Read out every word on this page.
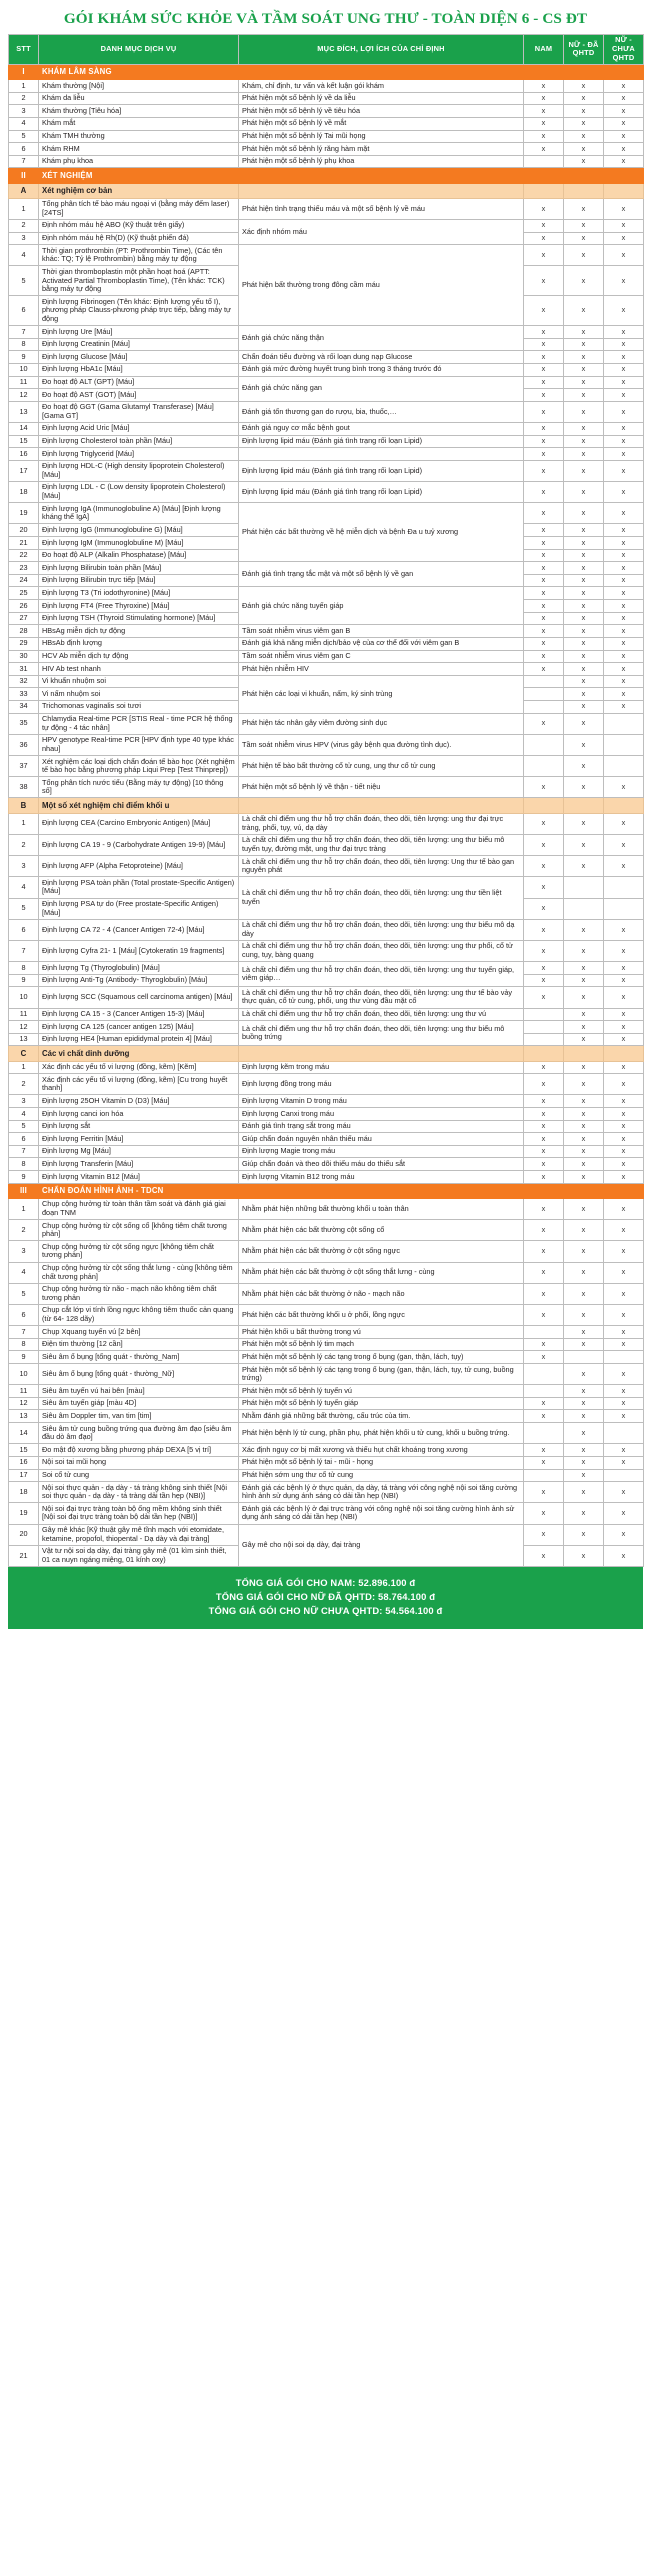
GÓI KHÁM SỨC KHỎE VÀ TẦM SOÁT UNG THƯ - TOÀN DIỆN 6 - CS ĐT
STT	DANH MỤC DỊCH VỤ	MỤC ĐÍCH, LỢI ÍCH CỦA CHỈ ĐỊNH	NAM	NỮ - ĐÃ QHTD	NỮ - CHƯA QHTD
I	KHÁM LÂM SÀNG				
1	Khám thường [Nội]	Khám, chỉ định, tư vấn và kết luận gói khám	x	x	x
2	Khám da liễu	Phát hiện một số bệnh lý về da liễu	x	x	x
3	Khám thường [Tiêu hóa]	Phát hiện một số bệnh lý về tiêu hóa	x	x	x
4	Khám mắt	Phát hiện một số bệnh lý về mắt	x	x	x
5	Khám TMH thường	Phát hiện một số bệnh lý Tai mũi họng	x	x	x
6	Khám RHM	Phát hiện một số bệnh lý răng hàm mặt	x	x	x
7	Khám phụ khoa	Phát hiện một số bệnh lý phụ khoa		x	x
II	XÉT NGHIỆM				
A	Xét nghiệm cơ bản				
1	Tổng phân tích tế bào máu ngoại vi (bằng máy đếm laser) [24TS]	Phát hiện tình trạng thiếu máu và một số bệnh lý về máu	x	x	x
2	Định nhóm máu hệ ABO (Kỹ thuật trên giấy)	Xác định nhóm máu	x	x	x
3	Định nhóm máu hệ Rh(D) (Kỹ thuật phiến đá)		x	x	x
4	Thời gian prothrombin (PT: Prothrombin Time), (Các tên khác: TQ; Tỷ lệ Prothrombin) bằng máy tự động	Phát hiện bất thường trong đông cầm máu	x	x	x
5	Thời gian thromboplastin một phần hoạt hoá (APTT: Activated Partial Thromboplastin Time), (Tên khác: TCK) bằng máy tự động		x	x	x
6	Định lượng Fibrinogen (Tên khác: Định lượng yếu tố I), phương pháp Clauss-phương pháp trực tiếp, bằng máy tự động		x	x	x
7	Định lượng Ure [Máu]	Đánh giá chức năng thận	x	x	x
8	Định lượng Creatinin [Máu]		x	x	x
9	Định lượng Glucose [Máu]	Chẩn đoán tiểu đường và rối loạn dung nạp Glucose	x	x	x
10	Định lượng HbA1c [Máu]	Đánh giá mức đường huyết trung bình trong 3 tháng trước đó	x	x	x
11	Đo hoạt độ ALT (GPT) [Máu]	Đánh giá chức năng gan	x	x	x
12	Đo hoạt độ AST (GOT) [Máu]		x	x	x
13	Đo hoạt độ GGT (Gama Glutamyl Transferase) [Máu] [Gama GT]	Đánh giá tổn thương gan do rượu, bia, thuốc,…	x	x	x
14	Định lượng Acid Uric [Máu]	Đánh giá nguy cơ mắc bệnh gout	x	x	x
15	Định lượng Cholesterol toàn phần [Máu]	Định lượng lipid máu (Đánh giá tình trạng rối loạn Lipid)	x	x	x
16	Định lượng Triglycerid [Máu]		x	x	x
17	Định lượng HDL-C (High density lipoprotein Cholesterol) [Máu]	Định lượng lipid máu (Đánh giá tình trạng rối loạn Lipid)	x	x	x
18	Định lượng LDL - C (Low density lipoprotein Cholesterol) [Máu]	Định lượng lipid máu (Đánh giá tình trạng rối loạn Lipid)	x	x	x
19	Định lượng IgA (Immunoglobuline A) [Máu] [Định lượng kháng thể IgA]	Phát hiện các bất thường về hệ miễn dịch và bệnh Đa u tuỷ xương	x	x	x
20	Định lượng IgG (Immunoglobuline G) [Máu]		x	x	x
21	Định lượng IgM (Immunoglobuline M) [Máu]		x	x	x
22	Đo hoạt độ ALP (Alkalin Phosphatase) [Máu]		x	x	x
23	Định lượng Bilirubin toàn phần [Máu]	Đánh giá tình trạng tắc mật và một số bệnh lý về gan	x	x	x
24	Định lượng Bilirubin trực tiếp [Máu]		x	x	x
25	Định lượng T3 (Tri iodothyronine) [Máu]	Đánh giá chức năng tuyến giáp	x	x	x
26	Định lượng FT4 (Free Thyroxine) [Máu]		x	x	x
27	Định lượng TSH (Thyroid Stimulating hormone) [Máu]		x	x	x
28	HBsAg miễn dịch tự động	Tầm soát nhiễm virus viêm gan B	x	x	x
29	HBsAb định lượng	Đánh giá khả năng miễn dịch/bảo vệ của cơ thể đối với viêm gan B	x	x	x
30	HCV Ab miễn dịch tự động	Tầm soát nhiễm virus viêm gan C	x	x	x
31	HIV Ab test nhanh	Phát hiện nhiễm HIV	x	x	x
32	Vi khuẩn nhuộm soi	Phát hiện các loại vi khuẩn, nấm, ký sinh trùng		x	x
33	Vi nấm nhuộm soi			x	x
34	Trichomonas vaginalis soi tươi			x	x
35	Chlamydia Real-time PCR [STIS Real - time PCR hệ thống tự động - 4 tác nhân]	Phát hiện tác nhân gây viêm đường sinh dục	x	x	
36	HPV genotype Real-time PCR [HPV định type 40 type khác nhau]	Tầm soát nhiễm virus HPV (virus gây bệnh qua đường tình dục).		x	
37	Xét nghiệm các loại dịch chẩn đoán tế bào học (Xét nghiệm tế bào học bằng phương pháp Liqui Prep [Test Thinprep])	Phát hiện tế bào bất thường cổ tử cung, ung thư cổ tử cung		x	
38	Tổng phân tích nước tiểu (Bằng máy tự động) [10 thông số]	Phát hiện một số bệnh lý về thận - tiết niệu	x	x	x
B	Một số xét nghiệm chỉ điểm khối u				
1	Định lượng CEA (Carcino Embryonic Antigen) [Máu]	Là chất chỉ điểm ung thư hỗ trợ chẩn đoán, theo dõi, tiên lượng: ung thư đại trực tràng, phổi, tụy, vú, dạ dày	x	x	x
2	Định lượng CA 19 - 9 (Carbohydrate Antigen 19-9) [Máu]	Là chất chỉ điểm ung thư hỗ trợ chẩn đoán, theo dõi, tiên lượng: ung thư biểu mô tuyến tụy, đường mật, ung thư đại trực tràng	x	x	x
3	Định lượng AFP (Alpha Fetoproteine) [Máu]	Là chất chỉ điểm ung thư hỗ trợ chẩn đoán, theo dõi, tiên lượng: Ung thư tế bào gan nguyên phát	x	x	x
4	Định lượng PSA toàn phần (Total prostate-Specific Antigen) [Máu]	Là chất chỉ điểm ung thư hỗ trợ chẩn đoán, theo dõi, tiên lượng: ung thư tiền liệt tuyến	x		
5	Định lượng PSA tự do (Free prostate-Specific Antigen) [Máu]		x		
6	Định lượng CA 72 - 4 (Cancer Antigen 72-4) [Máu]	Là chất chỉ điểm ung thư hỗ trợ chẩn đoán, theo dõi, tiên lượng: ung thư biểu mô dạ dày	x	x	x
7	Định lượng Cyfra 21- 1 [Máu] [Cytokeratin 19 fragments]	Là chất chỉ điểm ung thư hỗ trợ chẩn đoán, theo dõi, tiên lượng: ung thư phổi, cổ tử cung, tụy, bàng quang	x	x	x
8	Định lượng Tg (Thyroglobulin) [Máu]	Là chất chỉ điểm ung thư hỗ trợ chẩn đoán, theo dõi, tiên lượng: ung thư tuyến giáp, viêm giáp…	x	x	x
9	Định lượng Anti-Tg (Antibody- Thyroglobulin) [Máu]		x	x	x
10	Định lượng SCC (Squamous cell carcinoma antigen) [Máu]	Là chất chỉ điểm ung thư hỗ trợ chẩn đoán, theo dõi, tiên lượng: ung thư tế bào vảy thực quản, cổ tử cung, phổi, ung thư vùng đầu mặt cổ	x	x	x
11	Định lượng CA 15 - 3 (Cancer Antigen 15-3) [Máu]	Là chất chỉ điểm ung thư hỗ trợ chẩn đoán, theo dõi, tiên lượng: ung thư vú		x	x
12	Định lượng CA 125 (cancer antigen 125) [Máu]	Là chất chỉ điểm ung thư hỗ trợ chẩn đoán, theo dõi, tiên lượng: ung thư biểu mô buồng trứng		x	x
13	Định lượng HE4 [Human epididymal protein 4] [Máu]			x	x
C	Các vi chất dinh dưỡng				
1	Xác định các yếu tố vi lượng (đồng, kẽm) [Kẽm]	Định lượng kẽm trong máu	x	x	x
2	Xác định các yếu tố vi lượng (đồng, kẽm) [Cu trong huyết thanh]	Định lượng đồng trong máu	x	x	x
3	Định lượng 25OH Vitamin D (D3) [Máu]	Định lượng Vitamin D trong máu	x	x	x
4	Định lượng canci ion hóa	Định lượng Canxi trong máu	x	x	x
5	Định lượng sắt	Đánh giá tình trạng sắt trong máu	x	x	x
6	Định lượng Ferritin [Máu]	Giúp chẩn đoán nguyên nhân thiếu máu	x	x	x
7	Định lượng Mg [Máu]	Định lượng Magie trong máu	x	x	x
8	Định lượng Transferin [Máu]	Giúp chẩn đoán và theo dõi thiếu máu do thiếu sắt	x	x	x
9	Định lượng Vitamin B12 [Máu]	Định lượng Vitamin B12 trong máu	x	x	x
III	CHẨN ĐOÁN HÌNH ẢNH - TDCN				
1	Chụp cộng hưởng từ toàn thân tầm soát và đánh giá giai đoạn TNM	Nhằm phát hiện những bất thường khối u toàn thân	x	x	x
2	Chụp cộng hưởng từ cột sống cổ [không tiêm chất tương phản]	Nhằm phát hiện các bất thường cột sống cổ	x	x	x
3	Chụp cộng hưởng từ cột sống ngực [không tiêm chất tương phản]	Nhằm phát hiện các bất thường ở cột sống ngực	x	x	x
4	Chụp cộng hưởng từ cột sống thắt lưng - cùng [không tiêm chất tương phản]	Nhằm phát hiện các bất thường ở cột sống thắt lưng - cùng	x	x	x
5	Chụp cộng hưởng từ não - mạch não không tiêm chất tương phản	Nhằm phát hiện các bất thường ở não - mạch não	x	x	x
6	Chụp cắt lớp vi tính lồng ngực không tiêm thuốc cản quang (từ 64- 128 dãy)	Phát hiện các bất thường khối u ở phổi, lồng ngực	x	x	x
7	Chụp Xquang tuyến vú [2 bên]	Phát hiện khối u bất thường trong vú		x	x
8	Điện tim thường [12 cần]	Phát hiện một số bệnh lý tim mạch	x	x	x
9	Siêu âm ổ bụng [tổng quát - thường_Nam]	Phát hiện một số bệnh lý các tạng trong ổ bụng (gan, thận, lách, tụy)	x		
10	Siêu âm ổ bụng [tổng quát - thường_Nữ]	Phát hiện một số bệnh lý các tạng trong ổ bụng (gan, thận, lách, tụy, tử cung, buồng trứng)		x	x
11	Siêu âm tuyến vú hai bên [màu]	Phát hiện một số bệnh lý tuyến vú		x	x
12	Siêu âm tuyến giáp [màu 4D]	Phát hiện một số bệnh lý tuyến giáp	x	x	x
13	Siêu âm Doppler tim, van tim [tim]	Nhằm đánh giá những bất thường, cấu trúc của tim.	x	x	x
14	Siêu âm tử cung buồng trứng qua đường âm đạo [siêu âm đầu dò âm đạo]	Phát hiện bệnh lý tử cung, phần phụ, phát hiện khối u tử cung, khối u buồng trứng.		x	
15	Đo mật độ xương bằng phương pháp DEXA [5 vị trí]	Xác định nguy cơ bị mất xương và thiếu hụt chất khoáng trong xương	x	x	x
16	Nội soi tai mũi họng	Phát hiện một số bệnh lý tai - mũi - họng	x	x	x
17	Soi cổ tử cung	Phát hiện sớm ung thư cổ tử cung		x	
18	Nội soi thực quản - dạ dày - tá tràng không sinh thiết [Nội soi thực quản - dạ dày - tá tràng dải tần hẹp (NBI)]	Đánh giá các bệnh lý ở thực quản, dạ dày, tá tràng với công nghệ nội soi tăng cường hình ảnh sử dụng ánh sáng có dải tần hẹp (NBI)	x	x	x
19	Nội soi đại trực tràng toàn bộ ống mềm không sinh thiết [Nội soi đại trực tràng toàn bộ dải tần hẹp (NBI)]	Đánh giá các bệnh lý ở đại trực tràng với công nghệ nội soi tăng cường hình ảnh sử dụng ánh sáng có dải tần hẹp (NBI)	x	x	x
20	Gây mê khác [Kỹ thuật gây mê tĩnh mạch với etomidate, ketamine, propofol, thiopental - Dạ dày và đại tràng]	Gây mê cho nội soi dạ dày, đại tràng	x	x	x
21	Vật tư nội soi dạ dày, đại tràng gây mê (01 kìm sinh thiết, 01 ca nuyn ngáng miệng, 01 kính oxy)		x	x	x
TỔNG GIÁ GÓI CHO NAM: 52.896.100 đ
TỔNG GIÁ GÓI CHO NỮ ĐÃ QHTD: 58.764.100 đ
TỔNG GIÁ GÓI CHO NỮ CHƯA QHTD: 54.564.100 đ
